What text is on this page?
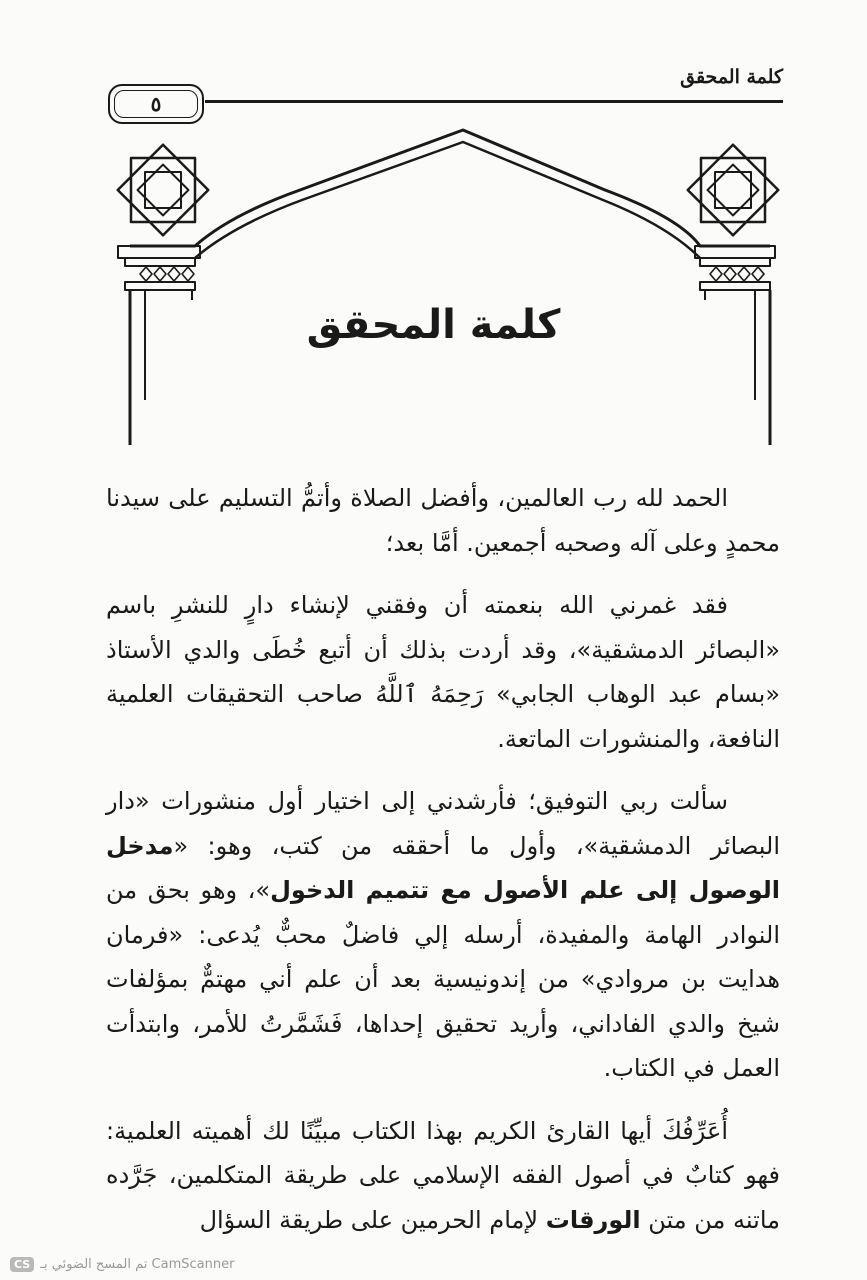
كلمة المحقق
٥
كلمة المحقق

الحمد لله رب العالمين، وأفضل الصلاة وأتمُّ التسليم على سيدنا محمدٍ وعلى آله وصحبه أجمعين. أمَّا بعد؛

فقد غمرني الله بنعمته أن وفقني لإنشاء دارٍ للنشرِ باسم «البصائر الدمشقية»، وقد أردت بذلك أن أتبع خُطَى والدي الأستاذ «بسام عبد الوهاب الجابي» رَحِمَهُ ٱللَّهُ صاحب التحقيقات العلمية النافعة، والمنشورات الماتعة.

سألت ربي التوفيق؛ فأرشدني إلى اختيار أول منشورات «دار البصائر الدمشقية»، وأول ما أحققه من كتب، وهو: «مدخل الوصول إلى علم الأصول مع تتميم الدخول»، وهو بحق من النوادر الهامة والمفيدة، أرسله إلي فاضلٌ محبٌّ يُدعى: «فرمان هدايت بن مروادي» من إندونيسية بعد أن علم أني مهتمٌّ بمؤلفات شيخ والدي الفاداني، وأريد تحقيق إحداها، فَشَمَّرتُ للأمر، وابتدأت العمل في الكتاب.

أُعَرِّفُكَ أيها القارئ الكريم بهذا الكتاب مبيِّنًا لك أهميته العلمية: فهو كتابٌ في أصول الفقه الإسلامي على طريقة المتكلمين، جَرَّده ماتنه من متن الورقات لإمام الحرمين على طريقة السؤال

CS تم المسح الضوئي بـ CamScanner
